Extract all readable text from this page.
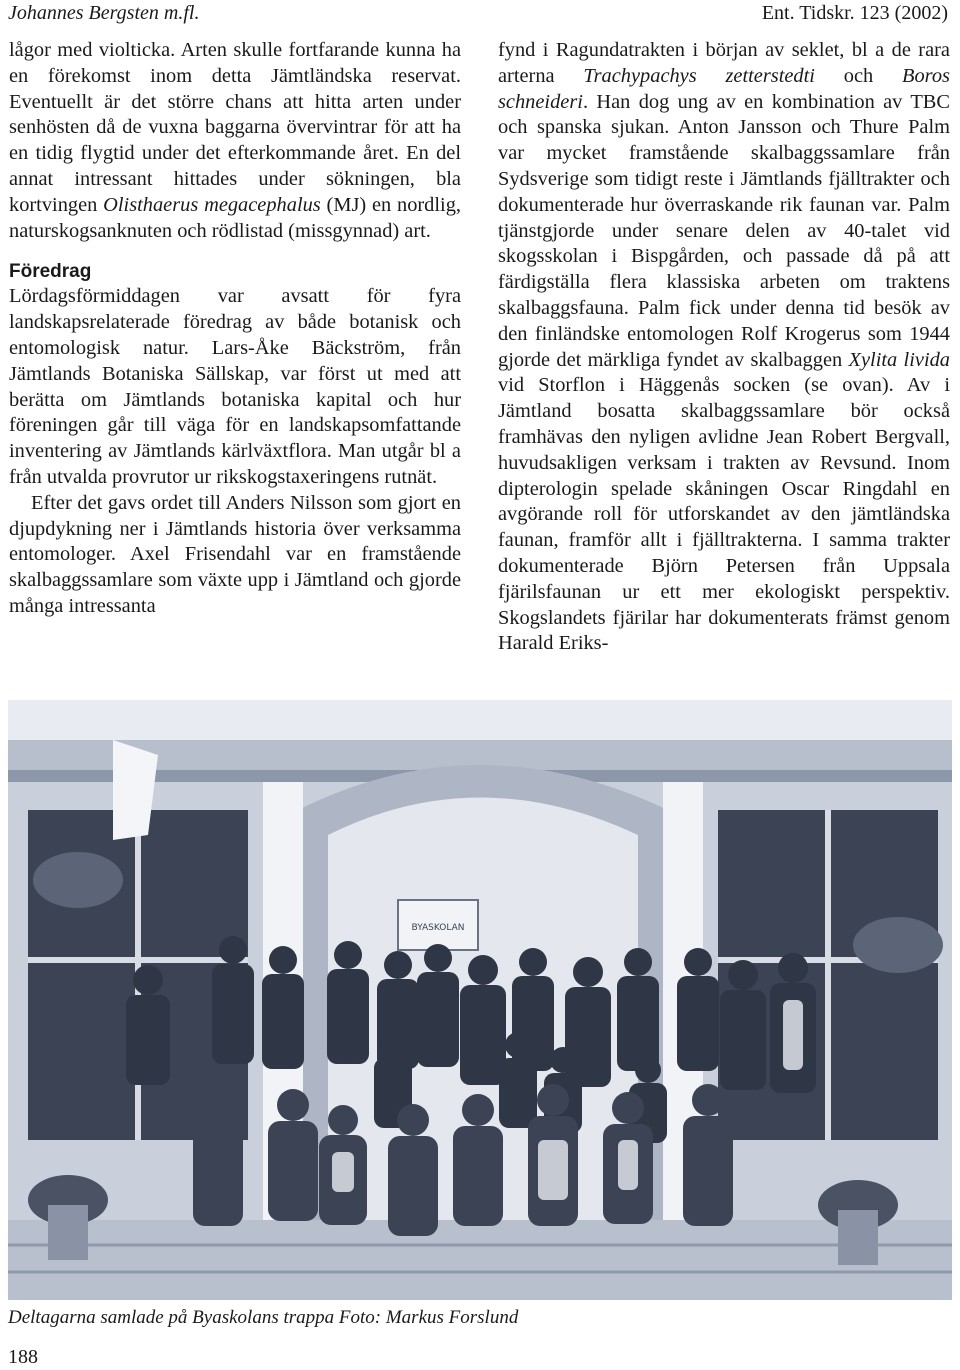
Johannes Bergsten m.fl.	Ent. Tidskr. 123 (2002)

lågor med violticka. Arten skulle fortfarande kunna ha en förekomst inom detta Jämtländska reservat. Eventuellt är det större chans att hitta arten under senhösten då de vuxna baggarna övervintrar för att ha en tidig flygtid under det efterkommande året. En del annat intressant hittades under sökningen, bla kortvingen Olisthaerus megacephalus (MJ) en nordlig, naturskogsanknuten och rödlistad (missgynnad) art.

Föredrag

Lördagsförmiddagen var avsatt för fyra landskapsrelaterade föredrag av både botanisk och entomologisk natur. Lars-Åke Bäckström, från Jämtlands Botaniska Sällskap, var först ut med att berätta om Jämtlands botaniska kapital och hur föreningen går till väga för en landskapsomfattande inventering av Jämtlands kärlväxtflora. Man utgår bl a från utvalda provrutor ur rikskogstaxeringens rutnät.

Efter det gavs ordet till Anders Nilsson som gjort en djupdykning ner i Jämtlands historia över verksamma entomologer. Axel Frisendahl var en framstående skalbaggssamlare som växte upp i Jämtland och gjorde många intressanta

fynd i Ragundatrakten i början av seklet, bl a de rara arterna Trachypachys zetterstedti och Boros schneideri. Han dog ung av en kombination av TBC och spanska sjukan. Anton Jansson och Thure Palm var mycket framstående skalbaggssamlare från Sydsverige som tidigt reste i Jämtlands fjälltrakter och dokumenterade hur överraskande rik faunan var. Palm tjänstgjorde under senare delen av 40-talet vid skogsskolan i Bispgården, och passade då på att färdigställa flera klassiska arbeten om traktens skalbaggsfauna. Palm fick under denna tid besök av den finländske entomologen Rolf Krogerus som 1944 gjorde det märkliga fyndet av skalbaggen Xylita livida vid Storflon i Häggenås socken (se ovan). Av i Jämtland bosatta skalbaggssamlare bör också framhävas den nyligen avlidne Jean Robert Bergvall, huvudsakligen verksam i trakten av Revsund. Inom dipterologin spelade skåningen Oscar Ringdahl en avgörande roll för utforskandet av den jämtländska faunan, framför allt i fjälltrakterna. I samma trakter dokumenterade Björn Petersen från Uppsala fjärilsfaunan ur ett mer ekologiskt perspektiv. Skogslandets fjärilar har dokumenterats främst genom Harald Eriks-

BYASKOLAN
Deltagarna samlade på Byaskolans trappa Foto: Markus Forslund
188
